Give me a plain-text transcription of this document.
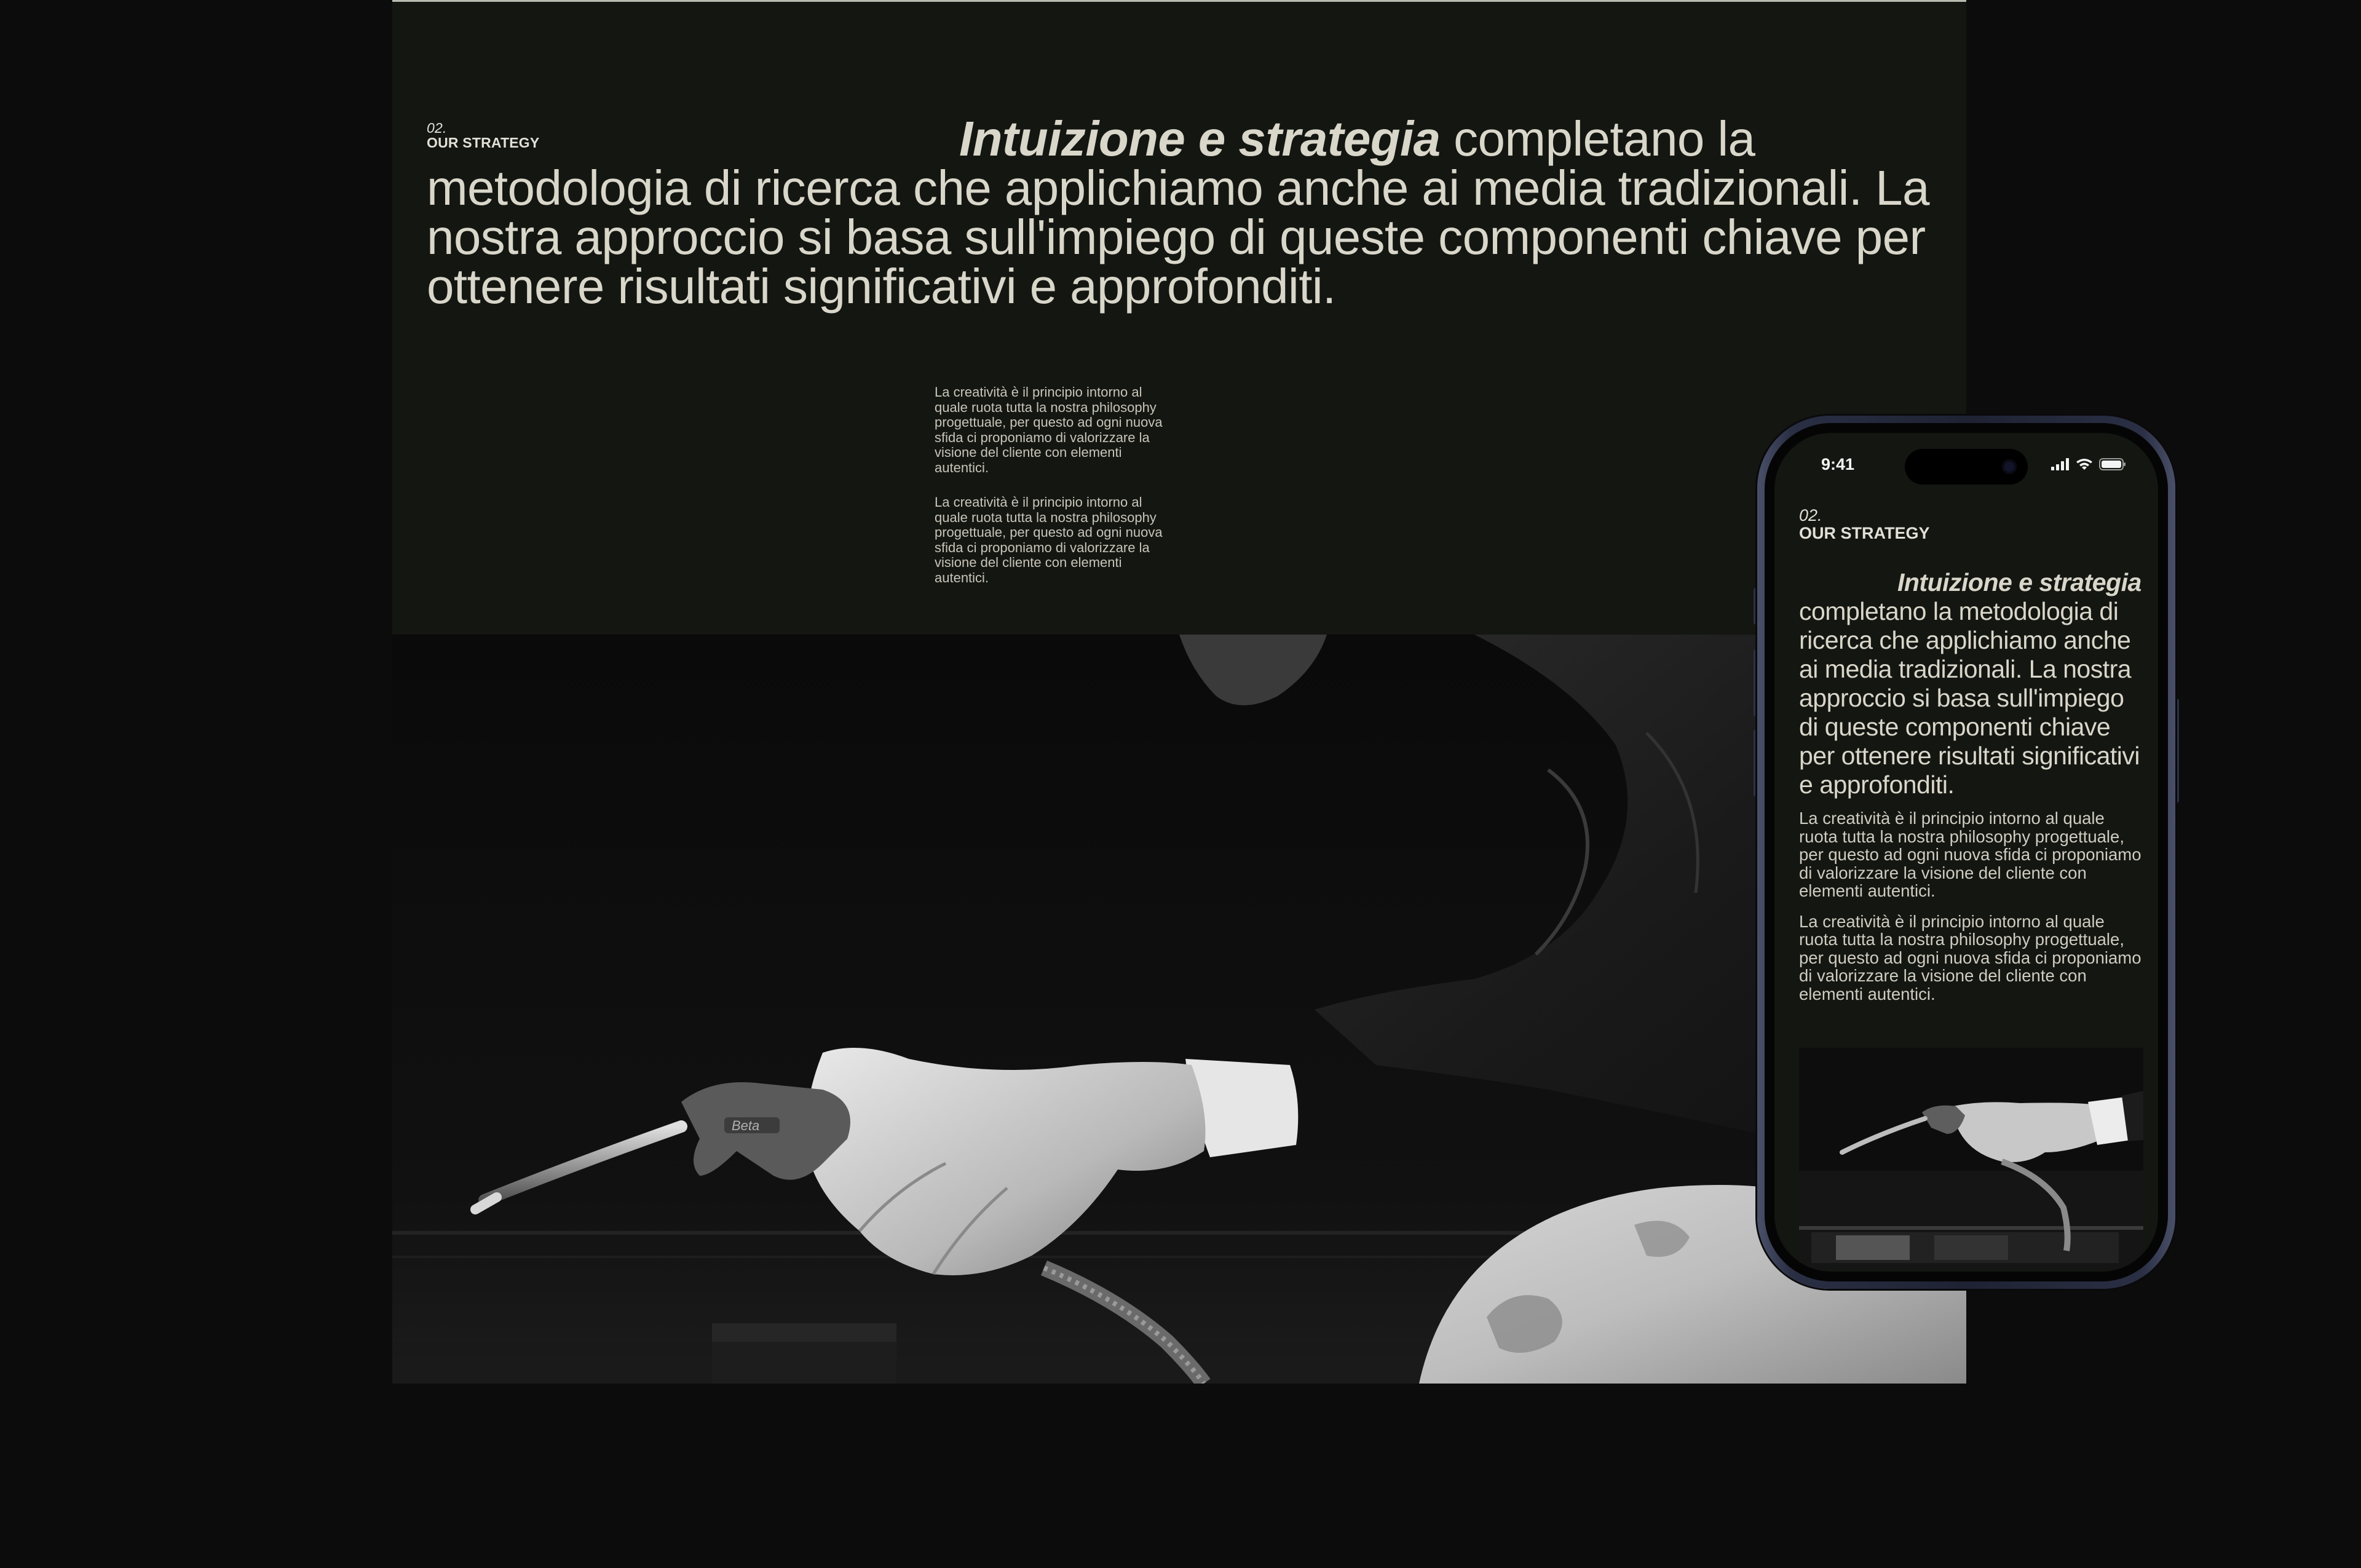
02.
OUR STRATEGY	Intuizione e strategia completano la metodologia di ricerca che applichiamo anche ai media tradizionali. La nostra approccio si basa sull'impiego di queste componenti chiave per ottenere risultati significativi e approfonditi.

La creatività è il principio intorno al quale ruota tutta la nostra philosophy progettuale, per questo ad ogni nuova sfida ci proponiamo di valorizzare la visione del cliente con elementi autentici.

La creatività è il principio intorno al quale ruota tutta la nostra philosophy progettuale, per questo ad ogni nuova sfida ci proponiamo di valorizzare la visione del cliente con elementi autentici.

Beta
9:41
02.
OUR STRATEGY
Intuizione e strategia completano la metodologia di ricerca che applichiamo anche ai media tradizionali. La nostra approccio si basa sull'impiego di queste componenti chiave per ottenere risultati significativi e approfonditi.

La creatività è il principio intorno al quale ruota tutta la nostra philosophy progettuale, per questo ad ogni nuova sfida ci proponiamo di valorizzare la visione del cliente con elementi autentici.

La creatività è il principio intorno al quale ruota tutta la nostra philosophy progettuale, per questo ad ogni nuova sfida ci proponiamo di valorizzare la visione del cliente con elementi autentici.
